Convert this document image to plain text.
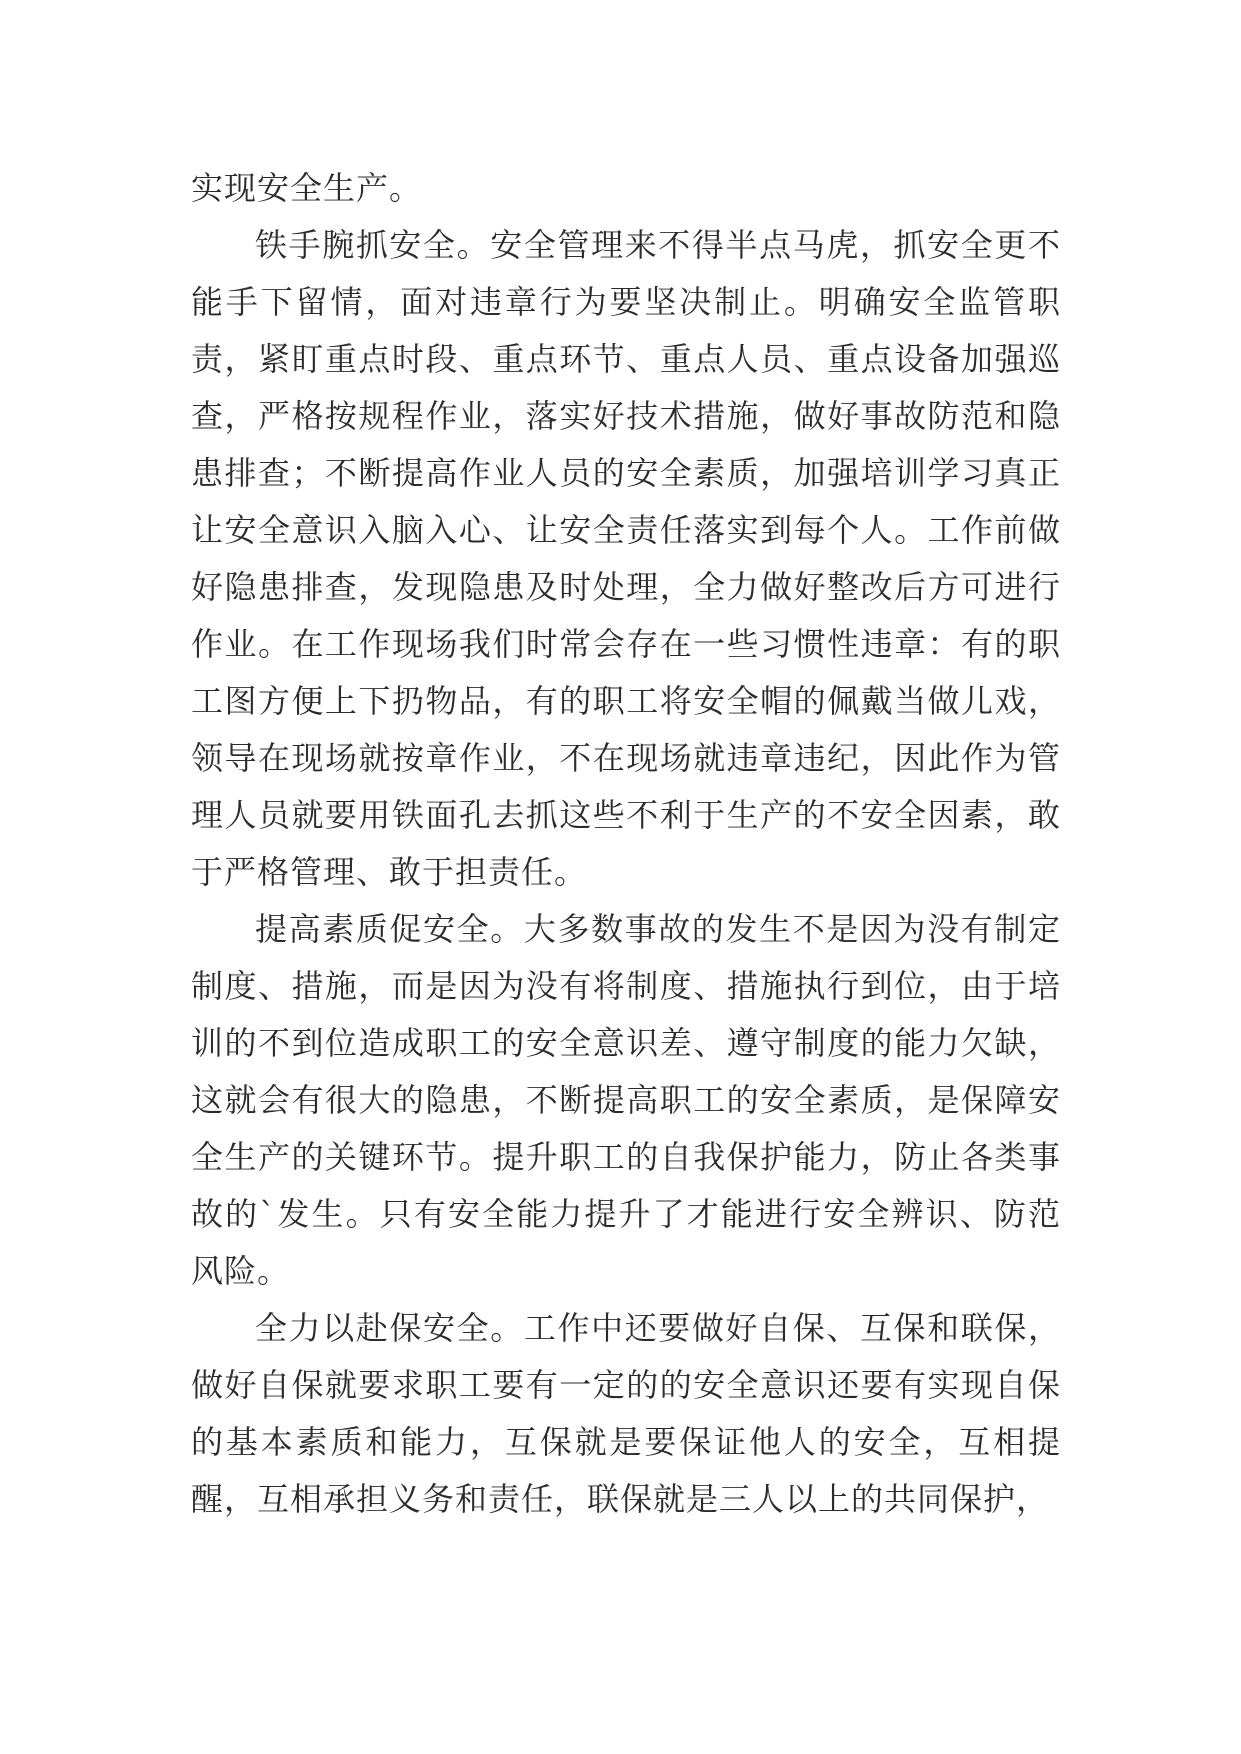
实现安全生产。

铁手腕抓安全。安全管理来不得半点马虎，抓安全更不能手下留情，面对违章行为要坚决制止。明确安全监管职责，紧盯重点时段、重点环节、重点人员、重点设备加强巡查，严格按规程作业，落实好技术措施，做好事故防范和隐患排查；不断提高作业人员的安全素质，加强培训学习真正让安全意识入脑入心、让安全责任落实到每个人。工作前做好隐患排查，发现隐患及时处理，全力做好整改后方可进行作业。在工作现场我们时常会存在一些习惯性违章：有的职工图方便上下扔物品，有的职工将安全帽的佩戴当做儿戏，领导在现场就按章作业，不在现场就违章违纪，因此作为管理人员就要用铁面孔去抓这些不利于生产的不安全因素，敢于严格管理、敢于担责任。

提高素质促安全。大多数事故的发生不是因为没有制定制度、措施，而是因为没有将制度、措施执行到位，由于培训的不到位造成职工的安全意识差、遵守制度的能力欠缺，这就会有很大的隐患，不断提高职工的安全素质，是保障安全生产的关键环节。提升职工的自我保护能力，防止各类事故的`发生。只有安全能力提升了才能进行安全辨识、防范风险。

全力以赴保安全。工作中还要做好自保、互保和联保，做好自保就要求职工要有一定的的安全意识还要有实现自保的基本素质和能力，互保就是要保证他人的安全，互相提醒，互相承担义务和责任，联保就是三人以上的共同保护，
